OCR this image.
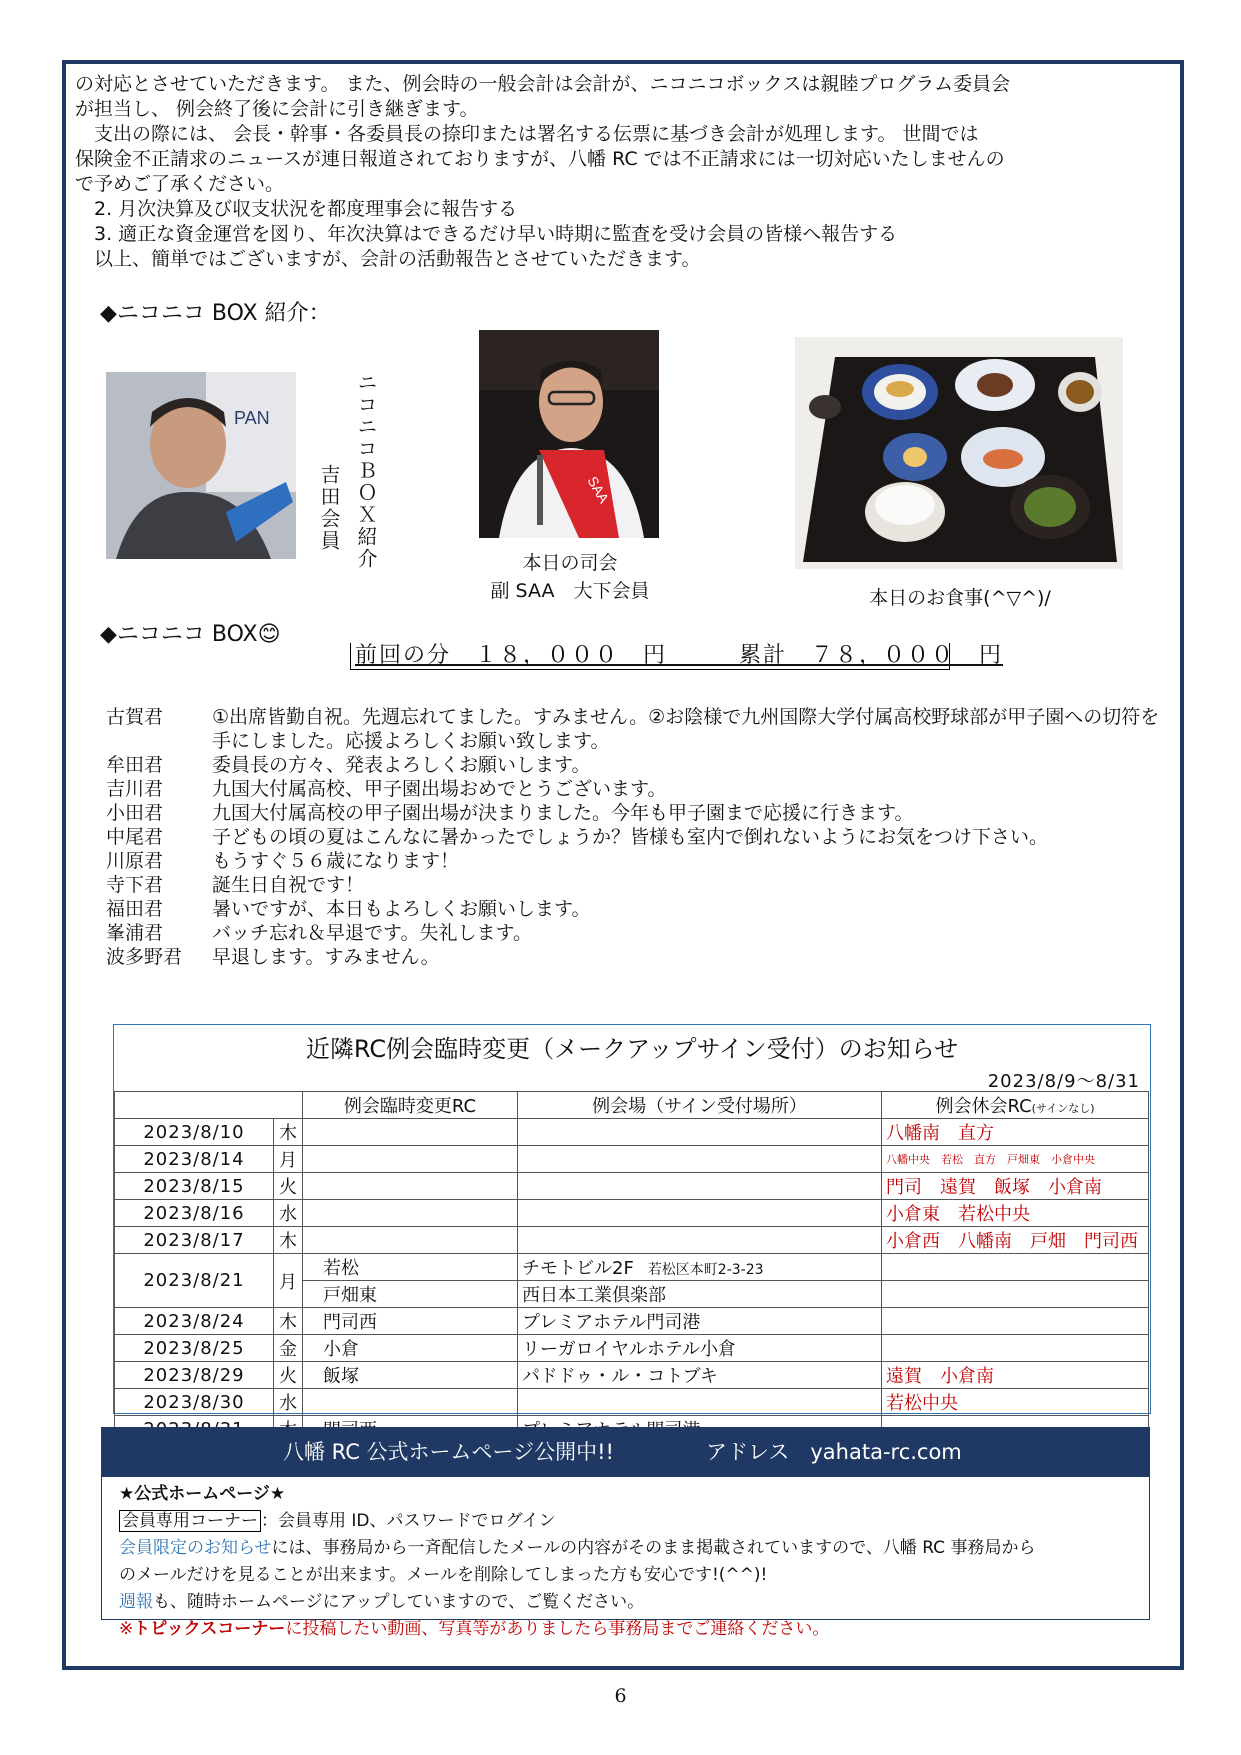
の対応とさせていただきます。 また、例会時の一般会計は会計が、ニコニコボックスは親睦プログラム委員会

が担当し、 例会終了後に会計に引き継ぎます。

　支出の際には、 会長・幹事・各委員長の捺印または署名する伝票に基づき会計が処理します。 世間では

保険金不正請求のニュースが連日報道されておりますが、八幡 RC では不正請求には一切対応いたしませんの

で予めご了承ください。

　2. 月次決算及び収支状況を都度理事会に報告する

　3. 適正な資金運営を図り、年次決算はできるだけ早い時期に監査を受け会員の皆様へ報告する

　以上、簡単ではございますが、会計の活動報告とさせていただきます。

◆ニコニコ BOX 紹介：
PAN	ニコニコＢＯＸ紹介
吉田会員	SAA
本日の司会
副 SAA　大下会員	本日のお食事(^▽^)/
◆ニコニコ BOX😊
前回の分　１８，０００　円　　　累計　７８，０００　円
古賀君	①出席皆勤自祝。先週忘れてました。すみません。②お陰様で九州国際大学付属高校野球部が甲子園への切符を手にしました。応援よろしくお願い致します。
牟田君	委員長の方々、発表よろしくお願いします。
吉川君	九国大付属高校、甲子園出場おめでとうございます。
小田君	九国大付属高校の甲子園出場が決まりました。今年も甲子園まで応援に行きます。
中尾君	子どもの頃の夏はこんなに暑かったでしょうか？皆様も室内で倒れないようにお気をつけ下さい。
川原君	もうすぐ５６歳になります！
寺下君	誕生日自祝です！
福田君	暑いですが、本日もよろしくお願いします。
峯浦君	バッチ忘れ＆早退です。失礼します。
波多野君	早退します。すみません。
近隣RC例会臨時変更（メークアップサイン受付）のお知らせ
2023/8/9～8/31
		例会臨時変更RC	例会場（サイン受付場所）	例会休会RC(サインなし)
2023/8/10	木			八幡南　直方
2023/8/14	月			八幡中央　若松　直方　戸畑東　小倉中央
2023/8/15	火			門司　遠賀　飯塚　小倉南
2023/8/16	水			小倉東　若松中央
2023/8/17	木			小倉西　八幡南　戸畑　門司西
2023/8/21	月	若松	チモトビル2F 若松区本町2-3-23	
		戸畑東	西日本工業倶楽部	
2023/8/24	木	門司西	プレミアホテル門司港	
2023/8/25	金	小倉	リーガロイヤルホテル小倉	
2023/8/29	火	飯塚	パドドゥ・ル・コトブキ	遠賀　小倉南
2023/8/30	水			若松中央

八幡 RC 公式ホームページ公開中!!	アドレス　yahata-rc.com
★公式ホームページ★
会員専用コーナー ：会員専用 ID、パスワードでログイン
会員限定のお知らせには、事務局から一斉配信したメールの内容がそのまま掲載されていますので、八幡 RC 事務局から
のメールだけを見ることが出来ます。メールを削除してしまった方も安心です!(^^)!
週報も、随時ホームページにアップしていますので、ご覧ください。
※トピックスコーナーに投稿したい動画、写真等がありましたら事務局までご連絡ください。
6
